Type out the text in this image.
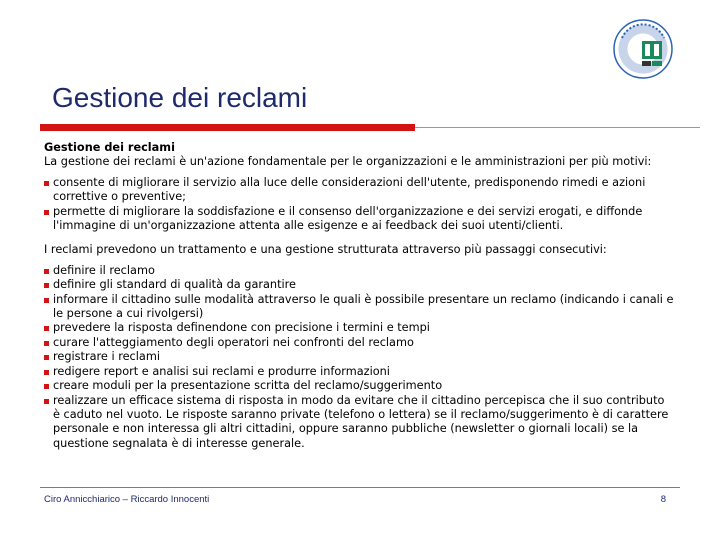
Gestione dei reclami

Gestione dei reclami

La gestione dei reclami è un'azione fondamentale per le organizzazioni e le amministrazioni per più motivi:

consente di migliorare il servizio alla luce delle considerazioni dell'utente, predisponendo rimedi e azioni correttive o preventive;
permette di migliorare la soddisfazione e il consenso dell'organizzazione e dei servizi erogati, e diffonde l'immagine di un'organizzazione attenta alle esigenze e ai feedback dei suoi utenti/clienti.

I reclami prevedono un trattamento e una gestione strutturata attraverso più passaggi consecutivi:

definire il reclamo
definire gli standard di qualità da garantire
informare il cittadino sulle modalità attraverso le quali è possibile presentare un reclamo (indicando i canali e le persone a cui rivolgersi)
prevedere la risposta definendone con precisione i termini e tempi
curare l'atteggiamento degli operatori nei confronti del reclamo
registrare i reclami
redigere report e analisi sui reclami e produrre informazioni
creare moduli per la presentazione scritta del reclamo/suggerimento
realizzare un efficace sistema di risposta in modo da evitare che il cittadino percepisca che il suo contributo è caduto nel vuoto. Le risposte saranno private (telefono o lettera) se il reclamo/suggerimento è di carattere personale e non interessa gli altri cittadini, oppure saranno pubbliche (newsletter o giornali locali) se la questione segnalata è di interesse generale.
Ciro Annicchiarico – Riccardo Innocenti	8
